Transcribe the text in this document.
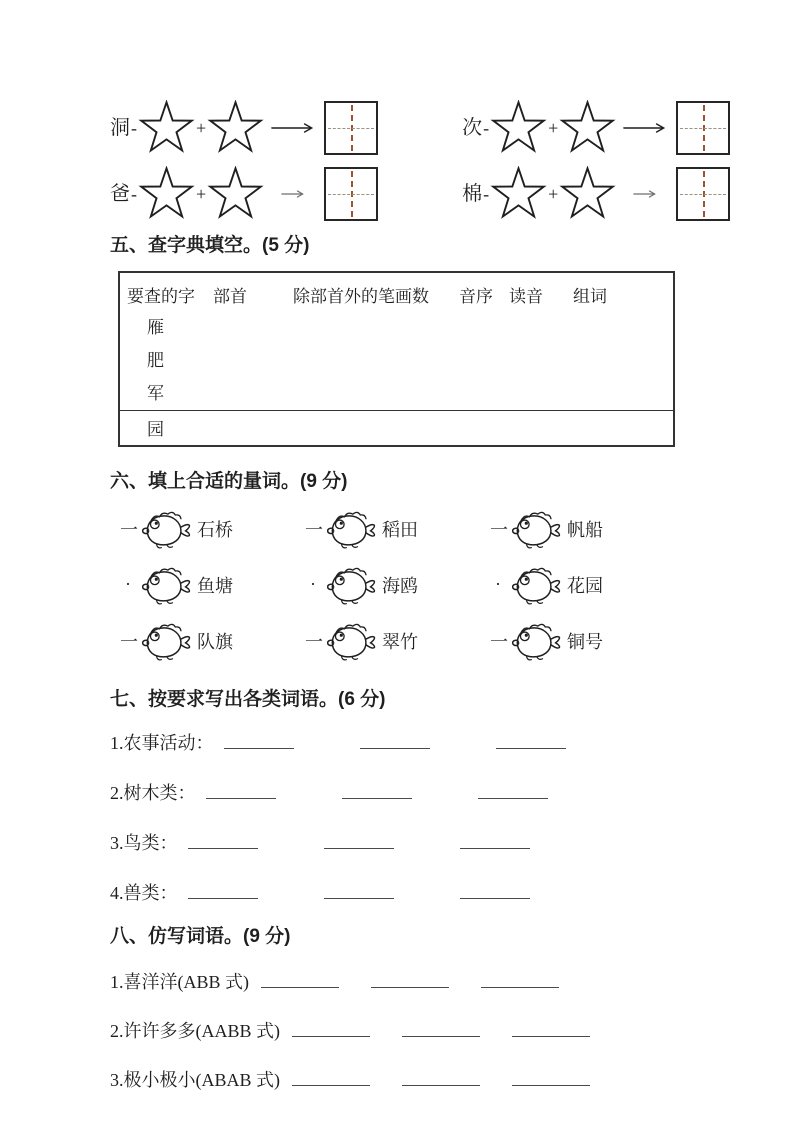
洞 -	+	次 -	+
爸 -	+	棉 -	+
五、查字典填空。(5 分)
要查的字 部首	除部首外的笔画数 音序 读音 组词
雁
肥
军
园
六、填上合适的量词。(9 分)
一	石桥	一	稻田	一	帆船
·	鱼塘	·	海鸥	·	花园
一	队旗	一	翠竹	一	铜号
七、按要求写出各类词语。(6 分)
1.农事活动：
2.树木类：
3.鸟类：
4.兽类：
八、仿写词语。(9 分)
1.喜洋洋(ABB 式)
2.许许多多(AABB 式)
3.极小极小(ABAB 式)
